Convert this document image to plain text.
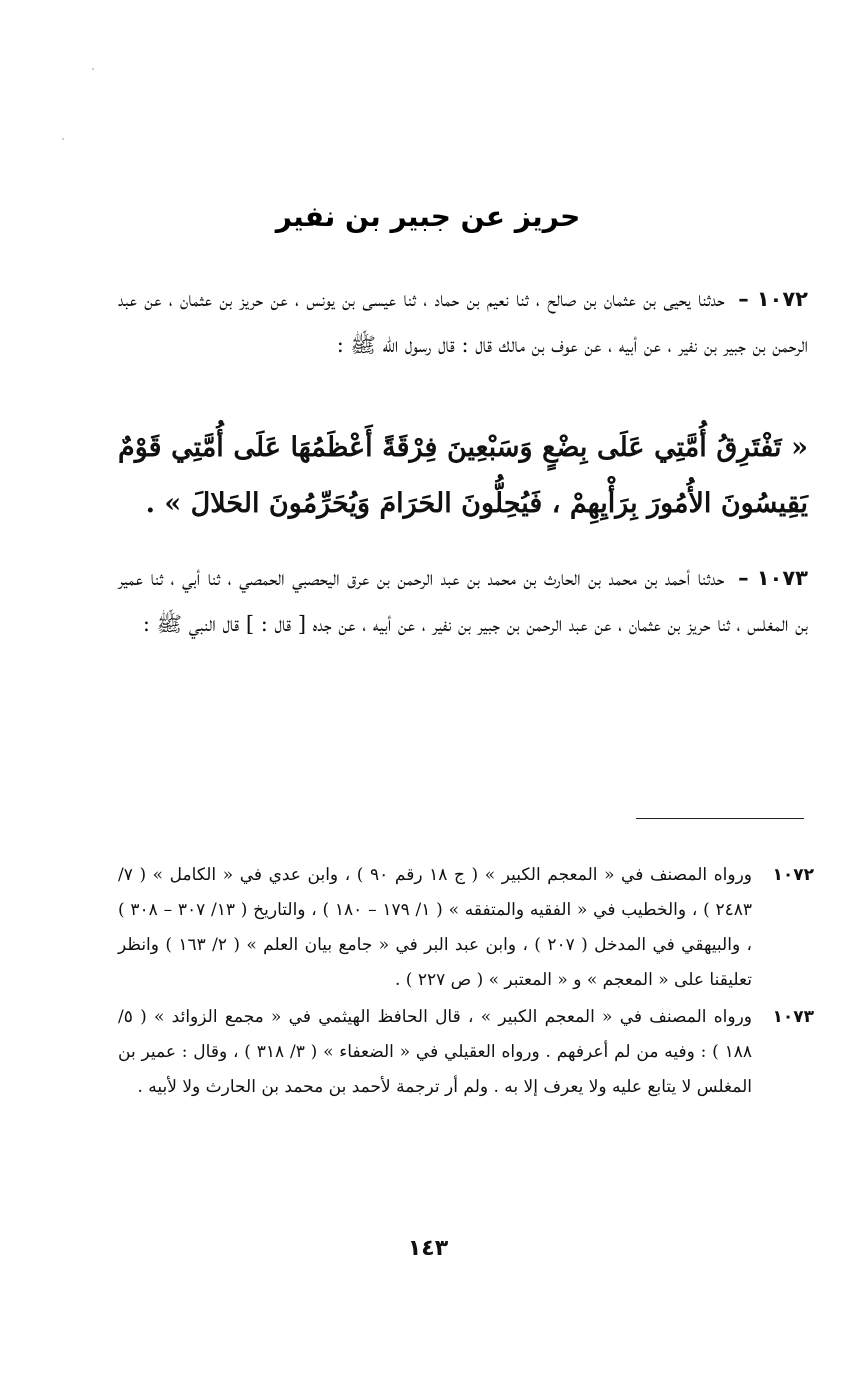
حريز عن جبير بن نفير

١٠٧٢ – حدثنا يحيى بن عثمان بن صالح ، ثنا نعيم بن حماد ، ثنا عيسى بن يونس ، عن حريز بن عثمان ، عن عبد الرحمن بن جبير بن نفير ، عن أبيه ، عن عوف بن مالك قال : قال رسول الله ﷺ :

« تَفْتَرِقُ أُمَّتِي عَلَى بِضْعٍ وَسَبْعِينَ فِرْقَةً أَعْظَمُهَا عَلَى أُمَّتِي قَوْمٌ يَقِيسُونَ الأُمُورَ بِرَأْيِهِمْ ، فَيُحِلُّونَ الحَرَامَ وَيُحَرِّمُونَ الحَلالَ » .

١٠٧٣ – حدثنا أحمد بن محمد بن الحارث بن محمد بن عبد الرحمن بن عرق اليحصبي الحمصي ، ثنا أبي ، ثنا عمير بن المغلس ، ثنا حريز بن عثمان ، عن عبد الرحمن بن جبير بن نفير ، عن أبيه ، عن جده [ قال : ] قال النبي ﷺ :

١٠٧٢
ورواه المصنف في « المعجم الكبير » ( ج ١٨ رقم ٩٠ ) ، وابن عدي في « الكامل » ( ٧/ ٢٤٨٣ ) ، والخطيب في « الفقيه والمتفقه » ( ١/ ١٧٩ – ١٨٠ ) ، والتاريخ ( ١٣/ ٣٠٧ – ٣٠٨ ) ، والبيهقي في المدخل ( ٢٠٧ ) ، وابن عبد البر في « جامع بيان العلم » ( ٢/ ١٦٣ ) وانظر تعليقنا على « المعجم » و « المعتبر » ( ص ٢٢٧ ) .
١٠٧٣
ورواه المصنف في « المعجم الكبير » ، قال الحافظ الهيثمي في « مجمع الزوائد » ( ٥/ ١٨٨ ) : وفيه من لم أعرفهم . ورواه العقيلي في « الضعفاء » ( ٣/ ٣١٨ ) ، وقال : عمير بن المغلس لا يتابع عليه ولا يعرف إلا به . ولم أر ترجمة لأحمد بن محمد بن الحارث ولا لأبيه .
١٤٣
